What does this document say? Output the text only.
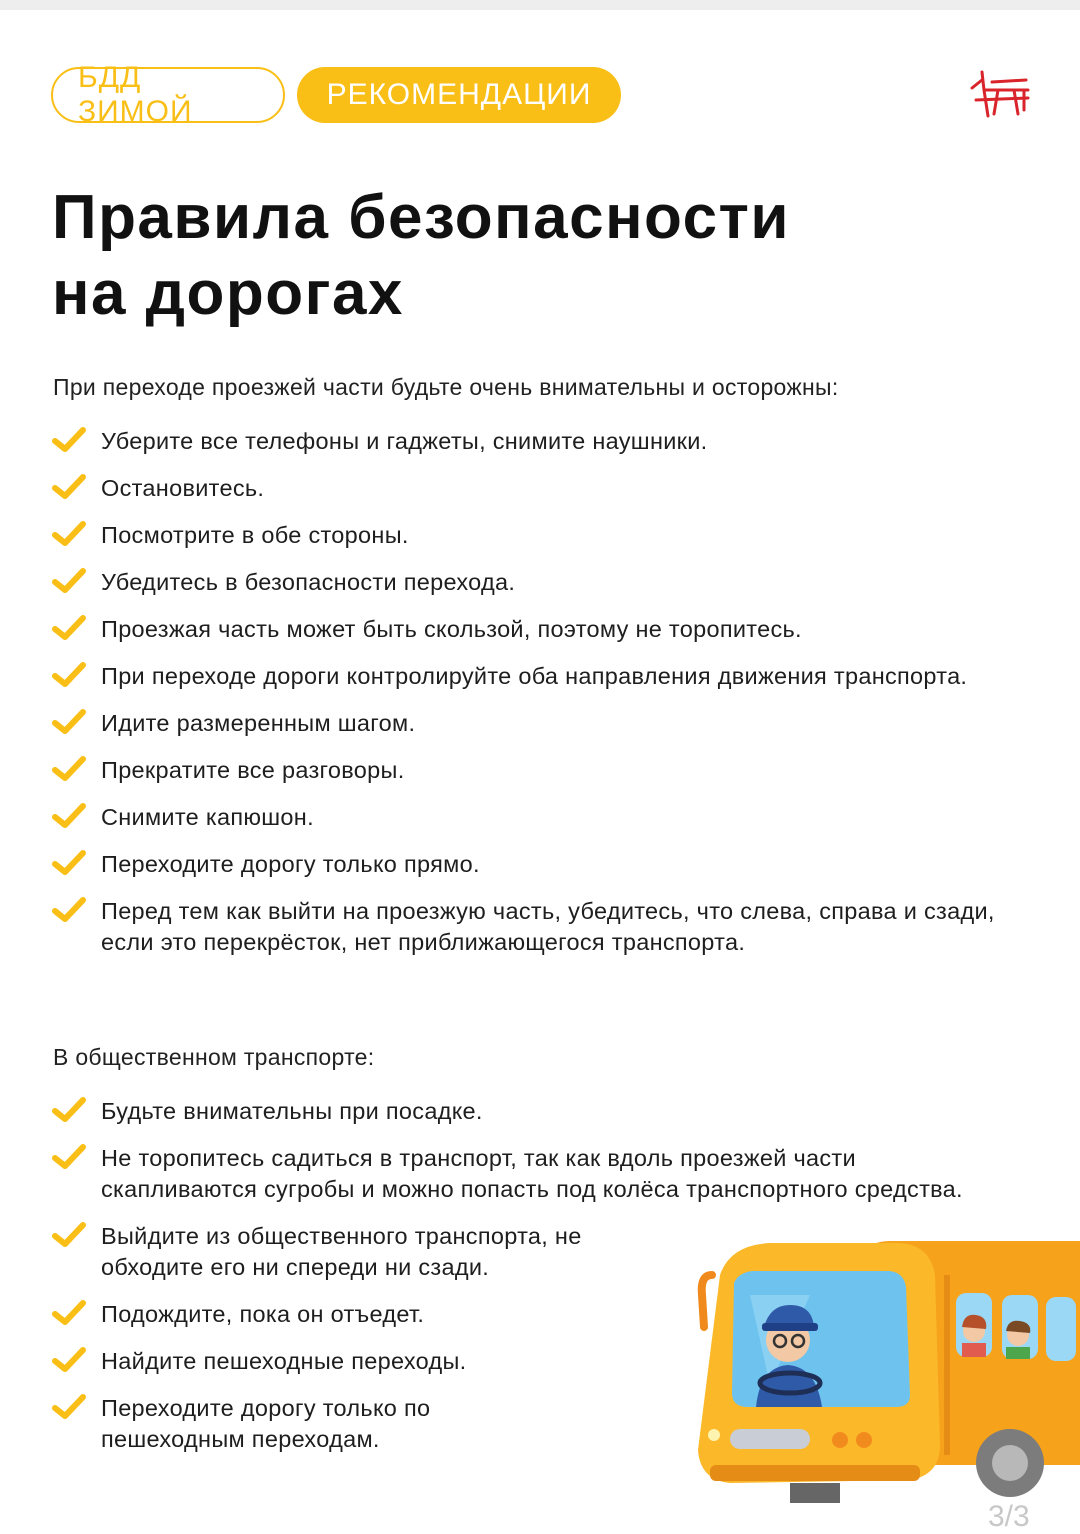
БДД ЗИМОЙ
РЕКОМЕНДАЦИИ
Правила безопасности
на дорогах

При переходе проезжей части будьте очень внимательны и осторожны:

Уберите все телефоны и гаджеты, снимите наушники.
Остановитесь.
Посмотрите в обе стороны.
Убедитесь в безопасности перехода.
Проезжая часть может быть скользой, поэтому не торопитесь.
При переходе дороги контролируйте оба направления движения транспорта.
Идите размеренным шагом.
Прекратите все разговоры.
Снимите капюшон.
Переходите дорогу только прямо.
Перед тем как выйти на проезжую часть, убедитесь, что слева, справа и сзади, если это перекрёсток, нет приближающегося транспорта.

В общественном транспорте:

Будьте внимательны при посадке.
Не торопитесь садиться в транспорт, так как вдоль проезжей части скапливаются сугробы и можно попасть под колёса транспортного средства.
Выйдите из общественного транспорта, не обходите его ни спереди ни сзади.
Подождите, пока он отъедет.
Найдите пешеходные переходы.
Переходите дорогу только по пешеходным переходам.
3/3
